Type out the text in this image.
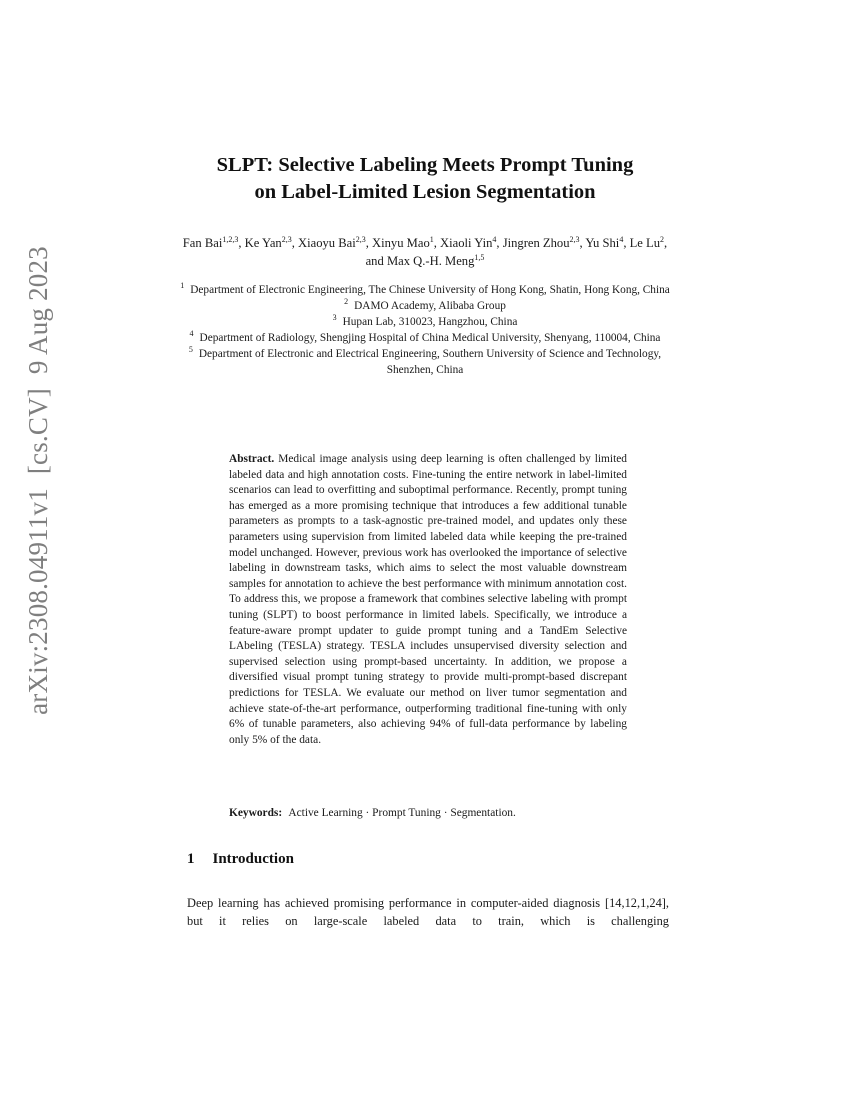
arXiv:2308.04911v1  [cs.CV]  9 Aug 2023
SLPT: Selective Labeling Meets Prompt Tuning
on Label-Limited Lesion Segmentation
Fan Bai$^{1,2,3}$, Ke Yan$^{2,3}$, Xiaoyu Bai$^{2,3}$, Xinyu Mao$^1$, Xiaoli Yin$^4$, Jingren Zhou$^{2,3}$, Yu Shi$^4$, Le Lu$^2$, and Max Q.-H. Meng$^{1,5}$
$^1$ Department of Electronic Engineering, The Chinese University of Hong Kong, Shatin, Hong Kong, China
$^2$ DAMO Academy, Alibaba Group
$^3$ Hupan Lab, 310023, Hangzhou, China
$^4$ Department of Radiology, Shengjing Hospital of China Medical University, Shenyang, 110004, China
$^5$ Department of Electronic and Electrical Engineering, Southern University of Science and Technology, Shenzhen, China
Abstract. Medical image analysis using deep learning is often challenged by limited labeled data and high annotation costs. Fine-tuning the entire network in label-limited scenarios can lead to overfitting and suboptimal performance. Recently, prompt tuning has emerged as a more promising technique that introduces a few additional tunable parameters as prompts to a task-agnostic pre-trained model, and updates only these parameters using supervision from limited labeled data while keeping the pre-trained model unchanged. However, previous work has overlooked the importance of selective labeling in downstream tasks, which aims to select the most valuable downstream samples for annotation to achieve the best performance with minimum annotation cost. To address this, we propose a framework that combines selective labeling with prompt tuning (SLPT) to boost performance in limited labels. Specifically, we introduce a feature-aware prompt updater to guide prompt tuning and a TandEm Selective LAbeling (TESLA) strategy. TESLA includes unsupervised diversity selection and supervised selection using prompt-based uncertainty. In addition, we propose a diversified visual prompt tuning strategy to provide multi-prompt-based discrepant predictions for TESLA. We evaluate our method on liver tumor segmentation and achieve state-of-the-art performance, outperforming traditional fine-tuning with only 6% of tunable parameters, also achieving 94% of full-data performance by labeling only 5% of the data.
Keywords: Active Learning · Prompt Tuning · Segmentation.
1 Introduction
Deep learning has achieved promising performance in computer-aided diagnosis [14,12,1,24], but it relies on large-scale labeled data to train, which is challenging
